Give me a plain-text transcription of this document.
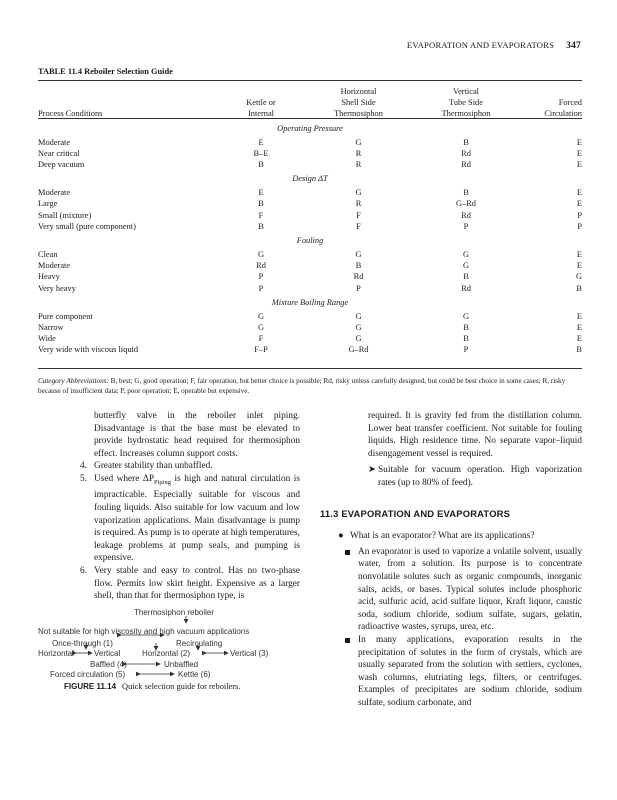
EVAPORATION AND EVAPORATORS 347
TABLE 11.4 Reboiler Selection Guide
		Horizontal	Vertical	
	Kettle or	Shell Side	Tube Side	Forced
Process Conditions	Internal	Thermosiphon	Thermosiphon	Circulation
Operating Pressure				
Moderate	E	G	B	E
Near critical	B–E	R	Rd	E
Deep vacuum	B	R	Rd	E
Design ΔT				
Moderate	E	G	B	E
Large	B	R	G–Rd	E
Small (mixture)	F	F	Rd	P
Very small (pure component)	B	F	P	P
Fouling				
Clean	G	G	G	E
Moderate	Rd	B	G	E
Heavy	P	Rd	B	G
Very heavy	P	P	Rd	B
Mixture Boiling Range				
Pure component	G	G	G	E
Narrow	G	G	B	E
Wide	F	G	B	E
Very wide with viscous liquid	F–P	G–Rd	P	B
Category Abbreviations: B, best; G, good operation; F, fair operation, but better choice is possible; Rd, risky unless carefully designed, but could be best choice in some cases; R, risky because of insufficient data; P, poor operation; E, operable but expensive.

butterfly valve in the reboiler inlet piping. Disadvantage is that the base must be elevated to provide hydrostatic head required for thermosiphon effect. Increases column support costs.

4. Greater stability than unbaffled.

5. Used where $\Delta P_{Piping}$ is high and natural circulation is impracticable. Especially suitable for viscous and fouling liquids. Also suitable for low vacuum and low vaporization applications. Main disadvantage is pump is required. As pump is to operate at high temperatures, leakage problems at pump seals, and pumping is expensive.

6. Very stable and easy to control. Has no two-phase flow. Permits low skirt height. Expensive as a larger shell, than that for thermosiphon type, is

Thermosiphon reboiler
Not suitable for high viscosity and high vacuum applications
Once-through (1)	Recirculating
Horizontal Vertical	Horizontal (2)	Vertical (3)
Baffled (4)	Unbaffled
Forced circulation (5)	Kettle (6)
FIGURE 11.14 Quick selection guide for reboilers.

required. It is gravity fed from the distillation column. Lower heat transfer coefficient. Not suitable for fouling liquids. High residence time. No separate vapor–liquid disengagement vessel is required.

➤ Suitable for vacuum operation. High vaporization rates (up to 80% of feed).

11.3 EVAPORATION AND EVAPORATORS

● What is an evaporator? What are its applications?

An evaporator is used to vaporize a volatile solvent, usually water, from a solution. Its purpose is to concentrate nonvolatile solutes such as organic compounds, inorganic salts, acids, or bases. Typical solutes include phosphoric acid, sulfuric acid, acid sulfate liquor, Kraft liquor, caustic soda, sodium chloride, sodium sulfate, sugars, gelatin, radioactive wastes, syrups, urea, etc.

In many applications, evaporation results in the precipitation of solutes in the form of crystals, which are usually separated from the solution with settlers, cyclones, wash columns, elutriating legs, filters, or centrifuges. Examples of precipitates are sodium chloride, sodium sulfate, sodium carbonate, and
